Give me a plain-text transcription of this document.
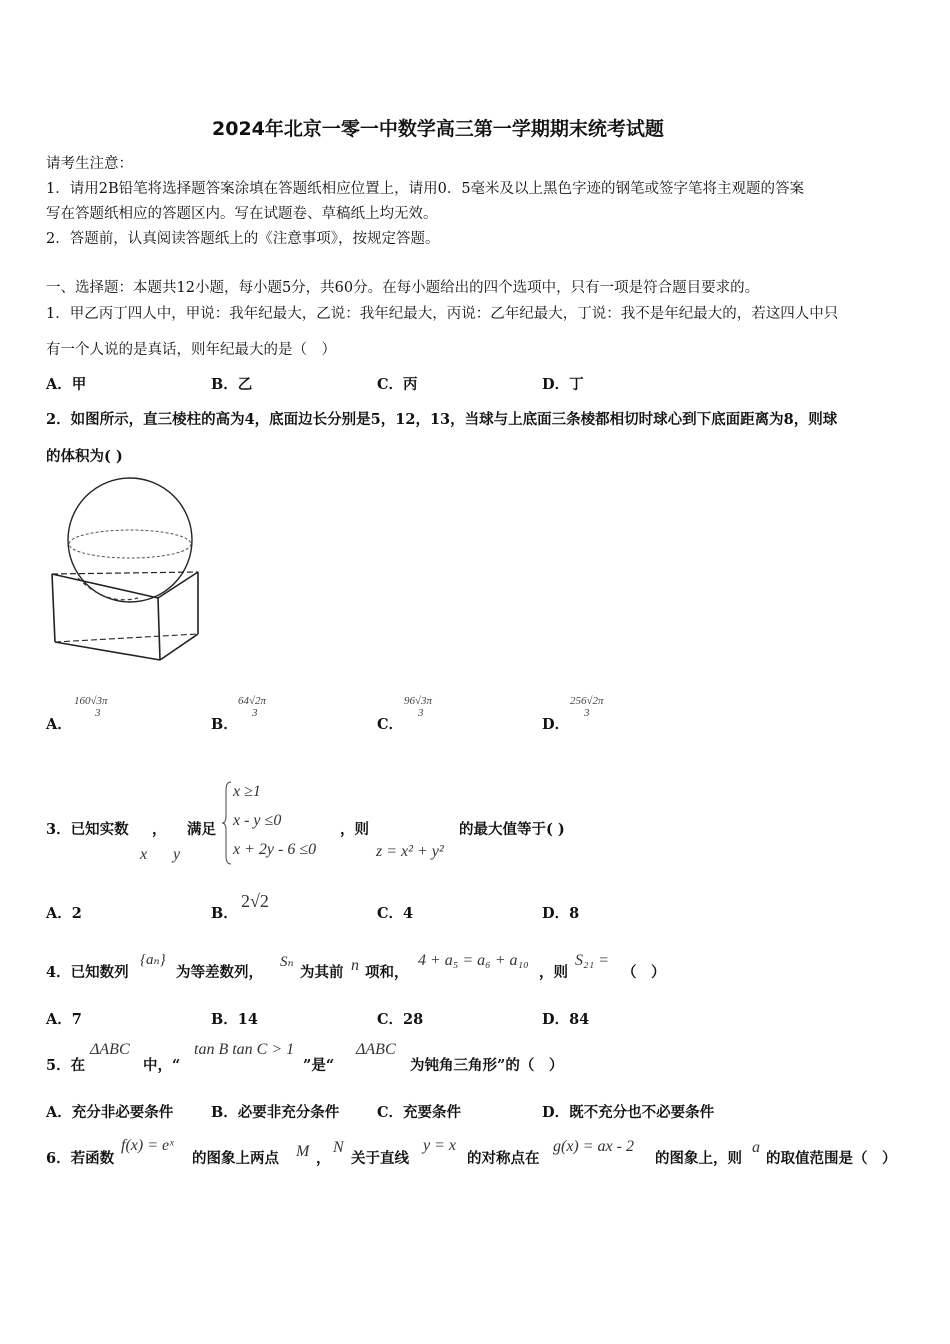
2024年北京一零一中数学高三第一学期期末统考试题
请考生注意：
1．请用2B铅笔将选择题答案涂填在答题纸相应位置上，请用0．5毫米及以上黑色字迹的钢笔或签字笔将主观题的答案
写在答题纸相应的答题区内。写在试题卷、草稿纸上均无效。
2．答题前，认真阅读答题纸上的《注意事项》，按规定答题。
一、选择题：本题共12小题，每小题5分，共60分。在每小题给出的四个选项中，只有一项是符合题目要求的。
1．甲乙丙丁四人中，甲说：我年纪最大，乙说：我年纪最大，丙说：乙年纪最大，丁说：我不是年纪最大的，若这四人中只
有一个人说的是真话，则年纪最大的是（　）
A．甲	B．乙	C．丙	D．丁
2．如图所示，直三棱柱的高为4，底面边长分别是5，12，13，当球与上底面三条棱都相切时球心到下底面距离为8，则球
的体积为( )
A．
160√3π
3
B．
64√2π
3
C．
96√3π
3
D．
256√2π
3
3．已知实数 ， 满足
x y
x ≥1
x - y ≤0
x + 2y - 6 ≤0
，则
z = x² + y²
的最大值等于( )
A．2	B．
2√2
C．4	D．8
4．已知数列
{aₙ}
为等差数列，
Sₙ
为其前 n 项和，
4 + a₅ = a₆ + a₁₀
，则
S₂₁ =
（　）
A．7	B．14	C．28	D．84
5．在
ΔABC
中，“
tan B tan C > 1
”是“
ΔABC
为钝角三角形”的（　）
A．充分非必要条件	B．必要非充分条件	C．充要条件	D．既不充分也不必要条件
6．若函数
f(x) = eˣ
的图象上两点 M ，
N
关于直线
y = x
的对称点在
g(x) = ax - 2
的图象上，则
a
的取值范围是（　）
